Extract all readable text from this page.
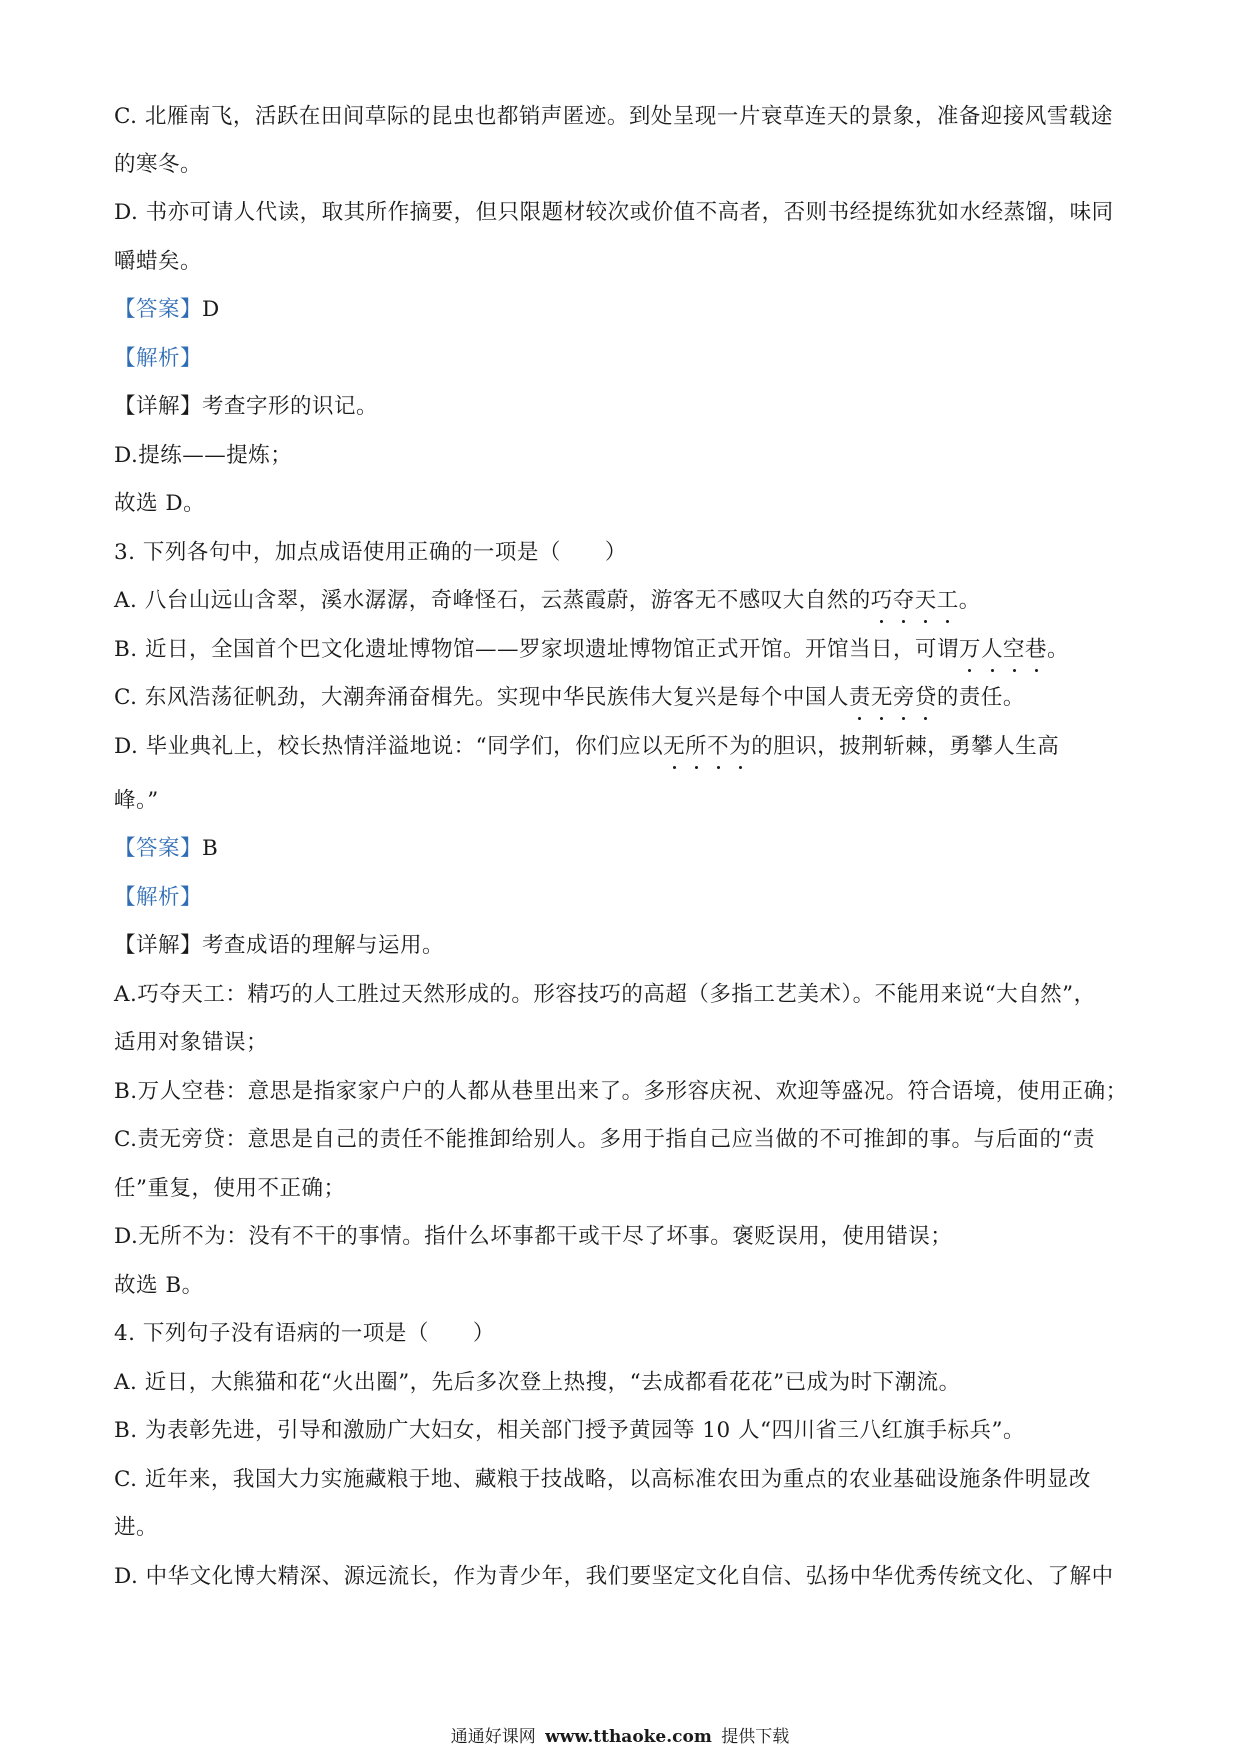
C. 北雁南飞，活跃在田间草际的昆虫也都销声匿迹。到处呈现一片衰草连天的景象，准备迎接风雪载途
的寒冬。
D. 书亦可请人代读，取其所作摘要，但只限题材较次或价值不高者，否则书经提练犹如水经蒸馏，味同
嚼蜡矣。
【答案】D
【解析】
【详解】考查字形的识记。
D.提练——提炼；
故选 D。
3. 下列各句中，加点成语使用正确的一项是（　　）
A. 八台山远山含翠，溪水潺潺，奇峰怪石，云蒸霞蔚，游客无不感叹大自然的巧夺天工。
B. 近日，全国首个巴文化遗址博物馆——罗家坝遗址博物馆正式开馆。开馆当日，可谓万人空巷。
C. 东风浩荡征帆劲，大潮奔涌奋楫先。实现中华民族伟大复兴是每个中国人责无旁贷的责任。
D. 毕业典礼上，校长热情洋溢地说：“同学们，你们应以无所不为的胆识，披荆斩棘，勇攀人生高
峰。”
【答案】B
【解析】
【详解】考查成语的理解与运用。
A.巧夺天工：精巧的人工胜过天然形成的。形容技巧的高超（多指工艺美术）。不能用来说“大自然”，
适用对象错误；
B.万人空巷：意思是指家家户户的人都从巷里出来了。多形容庆祝、欢迎等盛况。符合语境，使用正确；
C.责无旁贷：意思是自己的责任不能推卸给别人。多用于指自己应当做的不可推卸的事。与后面的“责
任”重复，使用不正确；
D.无所不为：没有不干的事情。指什么坏事都干或干尽了坏事。褒贬误用，使用错误；
故选 B。
4. 下列句子没有语病的一项是（　　）
A. 近日，大熊猫和花“火出圈”，先后多次登上热搜，“去成都看花花”已成为时下潮流。
B. 为表彰先进，引导和激励广大妇女，相关部门授予黄园等 10 人“四川省三八红旗手标兵”。
C. 近年来，我国大力实施藏粮于地、藏粮于技战略，以高标准农田为重点的农业基础设施条件明显改
进。
D. 中华文化博大精深、源远流长，作为青少年，我们要坚定文化自信、弘扬中华优秀传统文化、了解中
通通好课网 www.tthaoke.com 提供下载
